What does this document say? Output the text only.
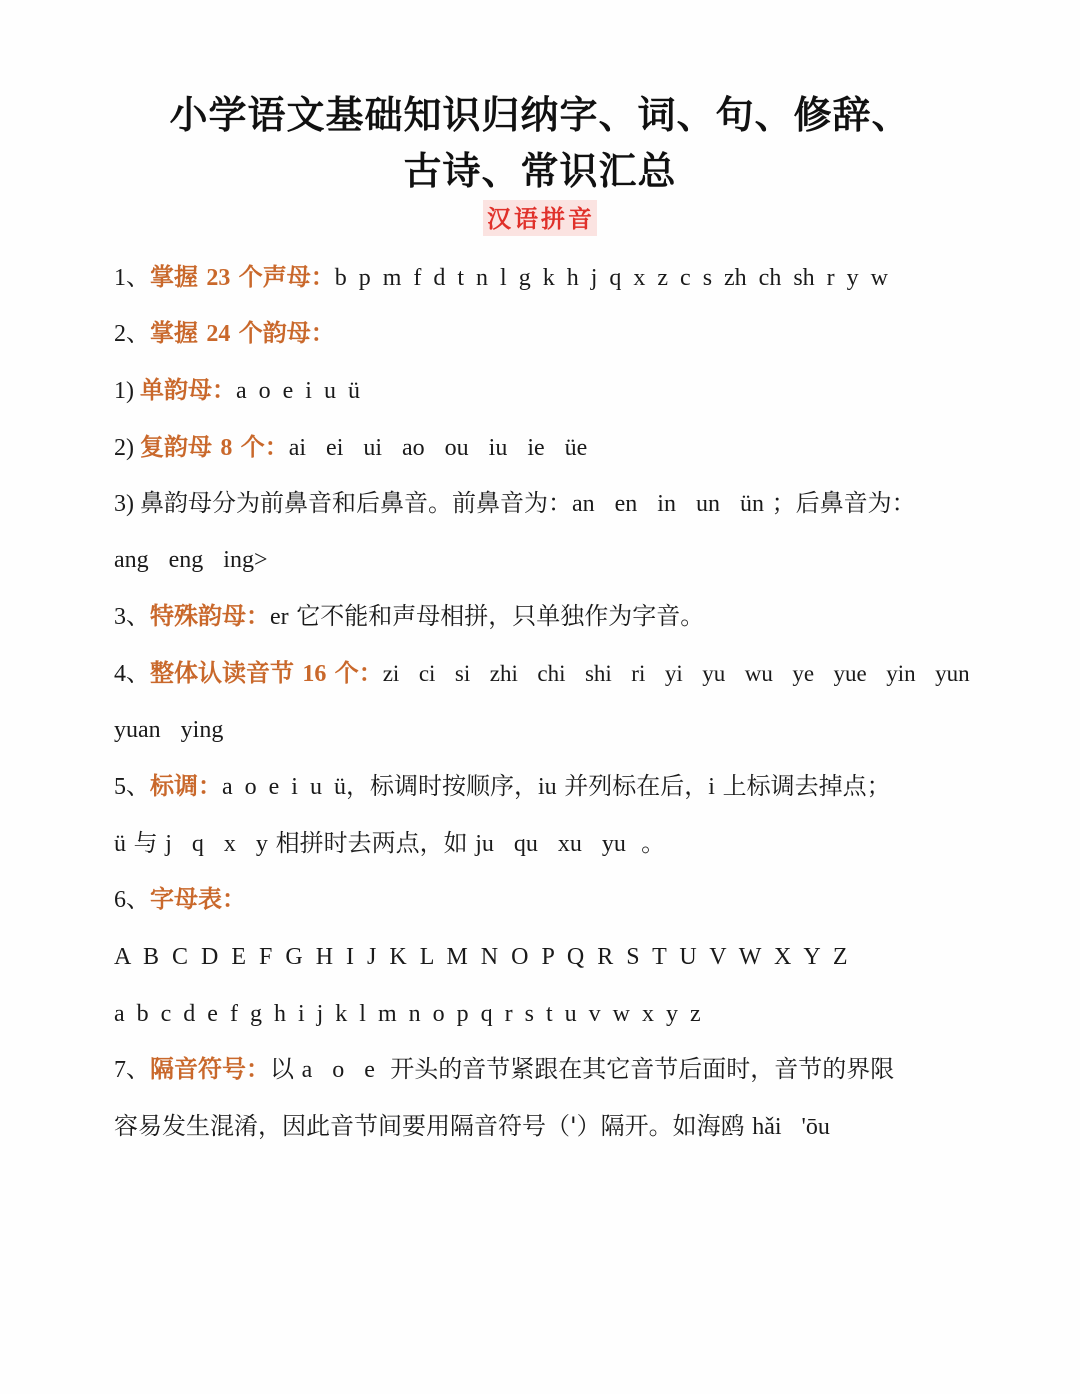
小学语文基础知识归纳字、词、句、修辞、
古诗、常识汇总
汉语拼音
1、掌握 23 个声母：b p m f d t n l g k h j q x z c s zh ch sh r y w
2、掌握 24 个韵母：
1) 单韵母：a o e i u ü
2) 复韵母 8 个：ai  ei  ui  ao  ou  iu  ie  üe
3) 鼻韵母分为前鼻音和后鼻音。前鼻音为：an  en  in  un  ün ；后鼻音为：
ang  eng  ing>
3、特殊韵母：er 它不能和声母相拼，只单独作为字音。
4、整体认读音节 16 个：zi  ci  si  zhi  chi  shi  ri  yi  yu  wu  ye  yue  yin  yun
yuan  ying
5、标调：a o e i u ü，标调时按顺序，iu 并列标在后，i 上标调去掉点；
ü 与 j  q  x  y 相拼时去两点，如 ju  qu  xu  yu  。
6、字母表：
A B C D E F G H I J K L M N O P Q R S T U V W X Y Z
a b c d e f g h i j k l m n o p q r s t u v w x y z
7、隔音符号：以 a  o  e  开头的音节紧跟在其它音节后面时，音节的界限
容易发生混淆，因此音节间要用隔音符号（'）隔开。如海鸥 hǎi  'ōu
